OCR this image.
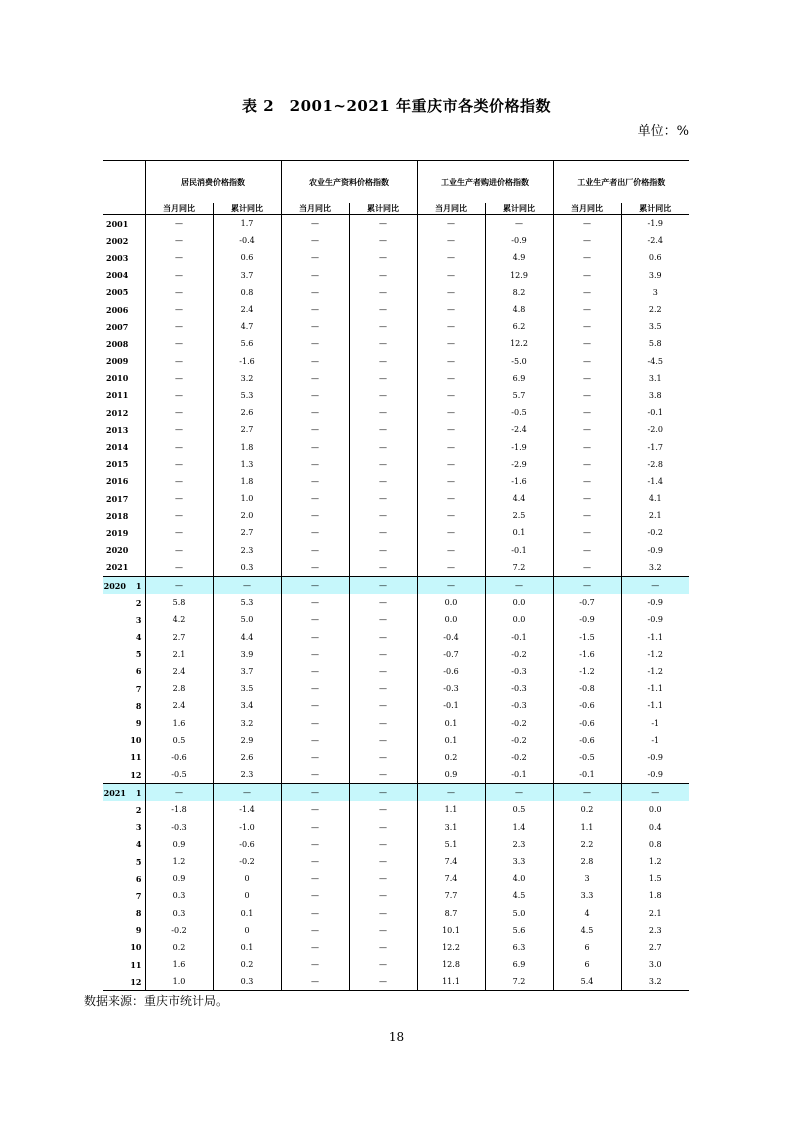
表 2　2001~2021 年重庆市各类价格指数
单位：%
	居民消费价格指数		农业生产资料价格指数		工业生产者购进价格指数		工业生产者出厂价格指数	
	当月同比	累计同比	当月同比	累计同比	当月同比	累计同比	当月同比	累计同比
2001	—	1.7	—	—	—	—	—	-1.9
2002	—	-0.4	—	—	—	-0.9	—	-2.4
2003	—	0.6	—	—	—	4.9	—	0.6
2004	—	3.7	—	—	—	12.9	—	3.9
2005	—	0.8	—	—	—	8.2	—	3
2006	—	2.4	—	—	—	4.8	—	2.2
2007	—	4.7	—	—	—	6.2	—	3.5
2008	—	5.6	—	—	—	12.2	—	5.8
2009	—	-1.6	—	—	—	-5.0	—	-4.5
2010	—	3.2	—	—	—	6.9	—	3.1
2011	—	5.3	—	—	—	5.7	—	3.8
2012	—	2.6	—	—	—	-0.5	—	-0.1
2013	—	2.7	—	—	—	-2.4	—	-2.0
2014	—	1.8	—	—	—	-1.9	—	-1.7
2015	—	1.3	—	—	—	-2.9	—	-2.8
2016	—	1.8	—	—	—	-1.6	—	-1.4
2017	—	1.0	—	—	—	4.4	—	4.1
2018	—	2.0	—	—	—	2.5	—	2.1
2019	—	2.7	—	—	—	0.1	—	-0.2
2020	—	2.3	—	—	—	-0.1	—	-0.9
2021	—	0.3	—	—	—	7.2	—	3.2
2020 1	—	—	—	—	—	—	—	—
2	5.8	5.3	—	—	0.0	0.0	-0.7	-0.9
3	4.2	5.0	—	—	0.0	0.0	-0.9	-0.9
4	2.7	4.4	—	—	-0.4	-0.1	-1.5	-1.1
5	2.1	3.9	—	—	-0.7	-0.2	-1.6	-1.2
6	2.4	3.7	—	—	-0.6	-0.3	-1.2	-1.2
7	2.8	3.5	—	—	-0.3	-0.3	-0.8	-1.1
8	2.4	3.4	—	—	-0.1	-0.3	-0.6	-1.1
9	1.6	3.2	—	—	0.1	-0.2	-0.6	-1
10	0.5	2.9	—	—	0.1	-0.2	-0.6	-1
11	-0.6	2.6	—	—	0.2	-0.2	-0.5	-0.9
12	-0.5	2.3	—	—	0.9	-0.1	-0.1	-0.9
2021 1	—	—	—	—	—	—	—	—
2	-1.8	-1.4	—	—	1.1	0.5	0.2	0.0
3	-0.3	-1.0	—	—	3.1	1.4	1.1	0.4
4	0.9	-0.6	—	—	5.1	2.3	2.2	0.8
5	1.2	-0.2	—	—	7.4	3.3	2.8	1.2
6	0.9	0	—	—	7.4	4.0	3	1.5
7	0.3	0	—	—	7.7	4.5	3.3	1.8
8	0.3	0.1	—	—	8.7	5.0	4	2.1
9	-0.2	0	—	—	10.1	5.6	4.5	2.3
10	0.2	0.1	—	—	12.2	6.3	6	2.7
11	1.6	0.2	—	—	12.8	6.9	6	3.0
12	1.0	0.3	—	—	11.1	7.2	5.4	3.2
数据来源：重庆市统计局。
18
